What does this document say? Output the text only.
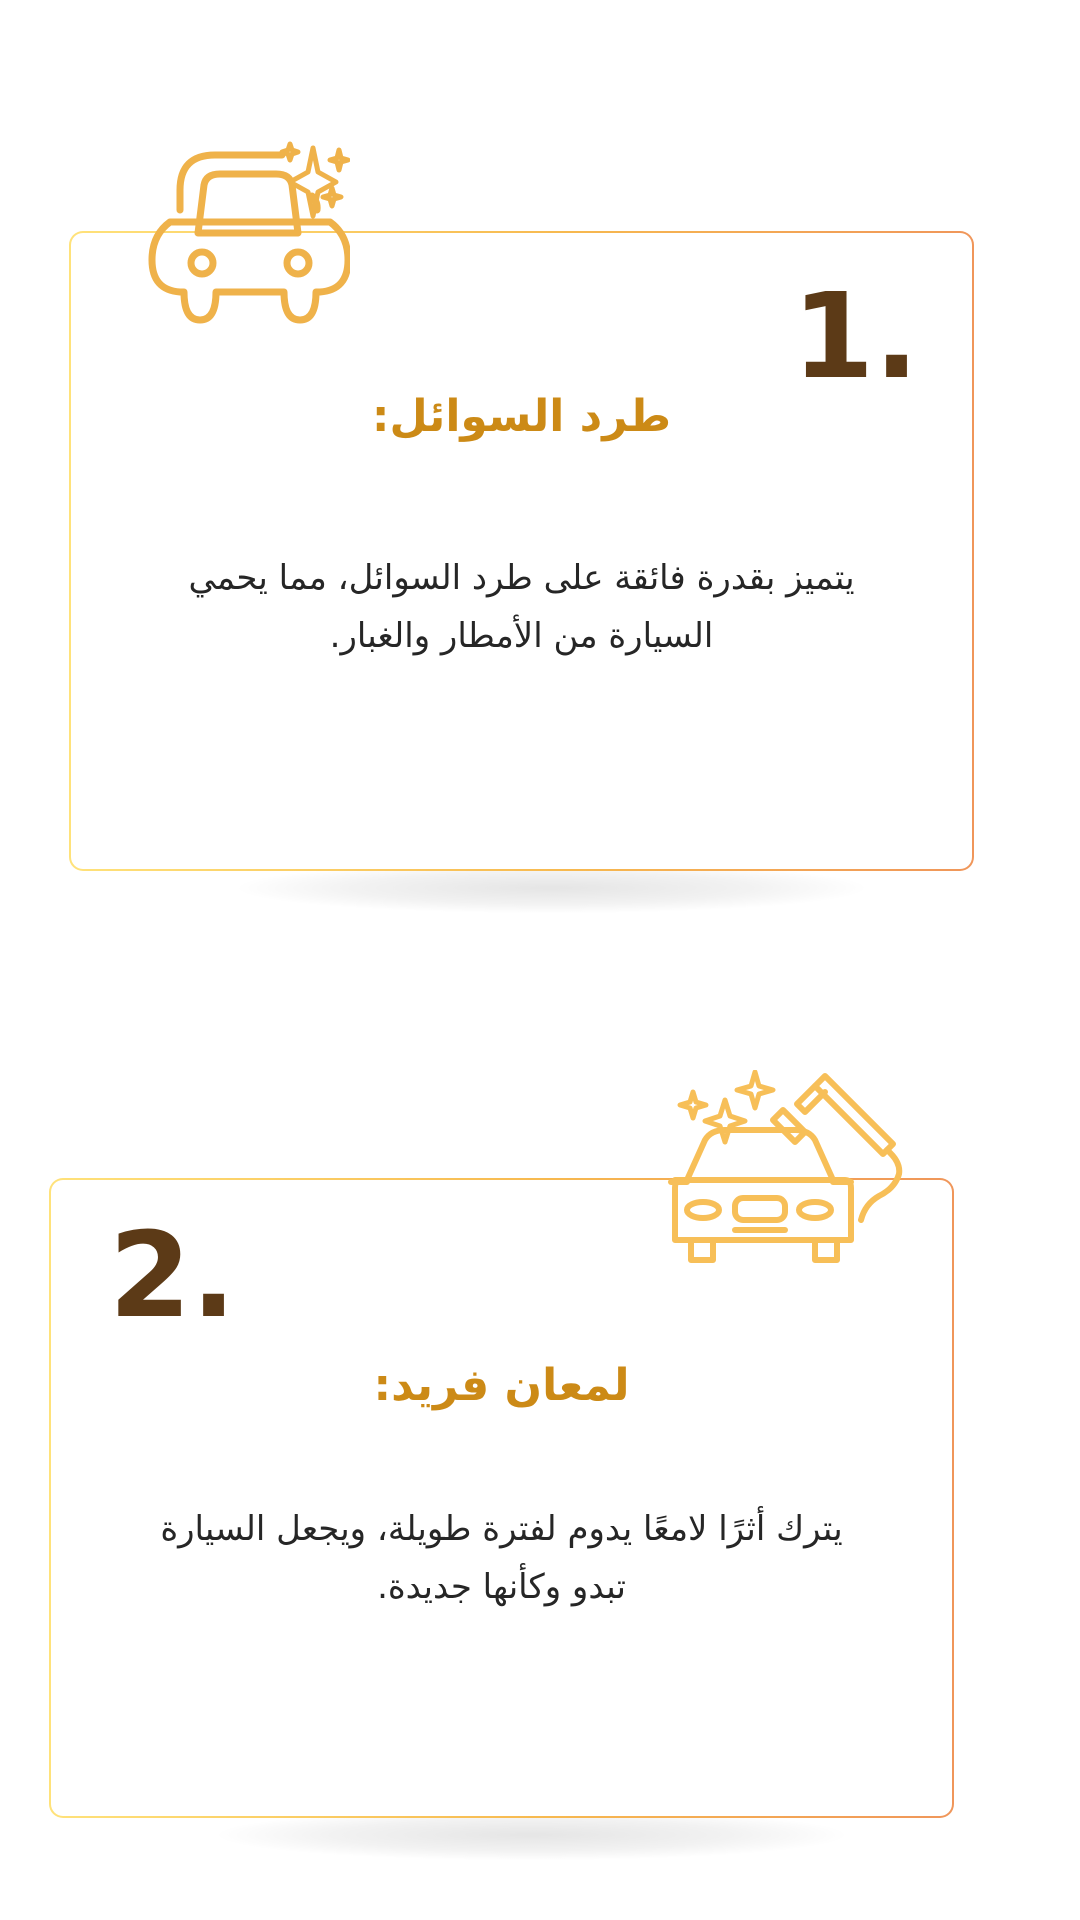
1.
طرد السوائل:
يتميز بقدرة فائقة على طرد السوائل، مما يحمي السيارة من الأمطار والغبار.
2.
لمعان فريد:
يترك أثرًا لامعًا يدوم لفترة طويلة، ويجعل السيارة تبدو وكأنها جديدة.
